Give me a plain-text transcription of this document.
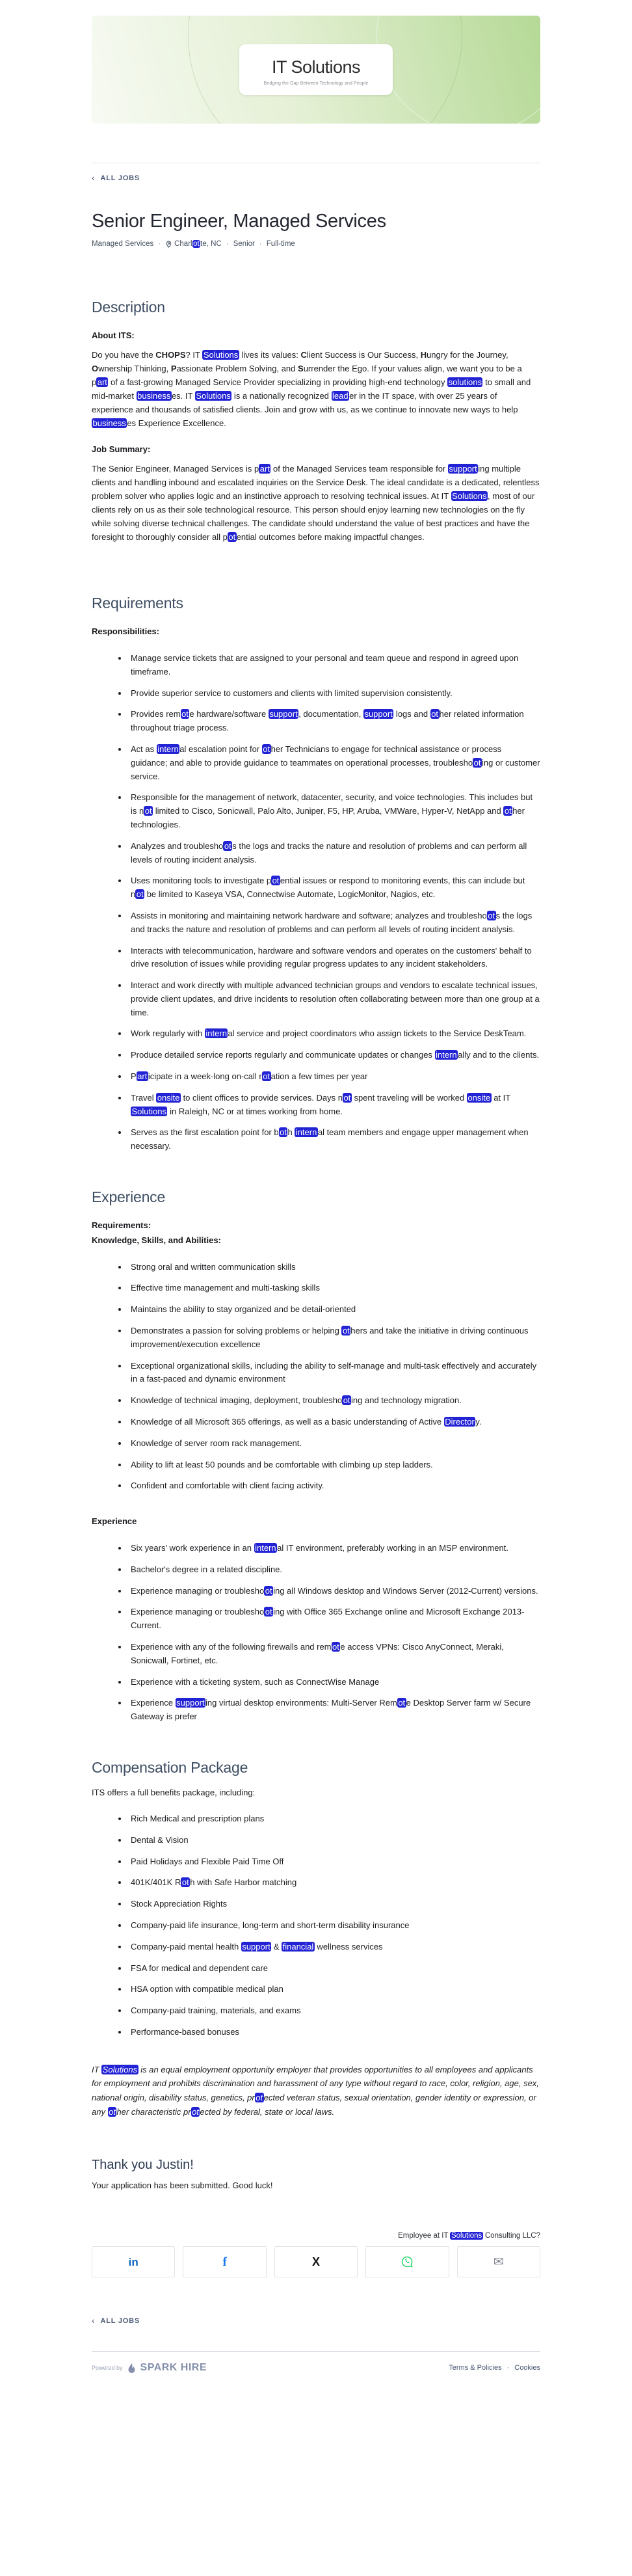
IT Solutions
Bridging the Gap Between Technology and People
‹ ALL JOBS
Senior Engineer, Managed Services
Managed Services · Charl ot te, NC · Senior · Full-time
Description

About ITS:

Do you have the CHOPS? IT Solutions lives its values: Client Success is Our Success, Hungry for the Journey, Ownership Thinking, Passionate Problem Solving, and Surrender the Ego. If your values align, we want you to be a p art of a fast-growing Managed Service Provider specializing in providing high-end technology solutions to small and mid-market business es. IT Solutions is a nationally recognized lead er in the IT space, with over 25 years of experience and thousands of satisfied clients. Join and grow with us, as we continue to innovate new ways to help business es Experience Excellence.

Job Summary:

The Senior Engineer, Managed Services is p art of the Managed Services team responsible for support ing multiple clients and handling inbound and escalated inquiries on the Service Desk. The ideal candidate is a dedicated, relentless problem solver who applies logic and an instinctive approach to resolving technical issues. At IT Solutions , most of our clients rely on us as their sole technological resource. This person should enjoy learning new technologies on the fly while solving diverse technical challenges. The candidate should understand the value of best practices and have the foresight to thoroughly consider all p ot ential outcomes before making impactful changes.

Requirements

Responsibilities:

• Manage service tickets that are assigned to your personal and team queue and respond in agreed upon timeframe.
• Provide superior service to customers and clients with limited supervision consistently.
• Provides rem ot e hardware/software support , documentation, support logs and ot her related information throughout triage process.
• Act as intern al escalation point for ot her Technicians to engage for technical assistance or process guidance; and able to provide guidance to teammates on operational processes, troublesho ot ing or customer service.
• Responsible for the management of network, datacenter, security, and voice technologies. This includes but is n ot limited to Cisco, Sonicwall, Palo Alto, Juniper, F5, HP, Aruba, VMWare, Hyper-V, NetApp and ot her technologies.
• Analyzes and troublesho ot s the logs and tracks the nature and resolution of problems and can perform all levels of routing incident analysis.
• Uses monitoring tools to investigate p ot ential issues or respond to monitoring events, this can include but n ot be limited to Kaseya VSA, Connectwise Automate, LogicMonitor, Nagios, etc.
• Assists in monitoring and maintaining network hardware and software; analyzes and troublesho ot s the logs and tracks the nature and resolution of problems and can perform all levels of routing incident analysis.
• Interacts with telecommunication, hardware and software vendors and operates on the customers' behalf to drive resolution of issues while providing regular progress updates to any incident stakeholders.
• Interact and work directly with multiple advanced technician groups and vendors to escalate technical issues, provide client updates, and drive incidents to resolution often collaborating between more than one group at a time.
• Work regularly with intern al service and project coordinators who assign tickets to the Service DeskTeam.
• Produce detailed service reports regularly and communicate updates or changes intern ally and to the clients.
• P art icipate in a week-long on-call r ot ation a few times per year
• Travel onsite to client offices to provide services. Days n ot spent traveling will be worked onsite at IT Solutions in Raleigh, NC or at times working from home.
• Serves as the first escalation point for b ot h intern al team members and engage upper management when necessary.
Experience

Requirements:

Knowledge, Skills, and Abilities:

• Strong oral and written communication skills
• Effective time management and multi-tasking skills
• Maintains the ability to stay organized and be detail-oriented
• Demonstrates a passion for solving problems or helping ot hers and take the initiative in driving continuous improvement/execution excellence
• Exceptional organizational skills, including the ability to self-manage and multi-task effectively and accurately in a fast-paced and dynamic environment
• Knowledge of technical imaging, deployment, troublesho ot ing and technology migration.
• Knowledge of all Microsoft 365 offerings, as well as a basic understanding of Active Director y.
• Knowledge of server room rack management.
• Ability to lift at least 50 pounds and be comfortable with climbing up step ladders.
• Confident and comfortable with client facing activity.

Experience

• Six years' work experience in an intern al IT environment, preferably working in an MSP environment.
• Bachelor's degree in a related discipline.
• Experience managing or troublesho ot ing all Windows desktop and Windows Server (2012-Current) versions.
• Experience managing or troublesho ot ing with Office 365 Exchange online and Microsoft Exchange 2013-Current.
• Experience with any of the following firewalls and rem ot e access VPNs: Cisco AnyConnect, Meraki, Sonicwall, Fortinet, etc.
• Experience with a ticketing system, such as ConnectWise Manage
• Experience support ing virtual desktop environments: Multi-Server Rem ot e Desktop Server farm w/ Secure Gateway is prefer
Compensation Package

ITS offers a full benefits package, including:

• Rich Medical and prescription plans
• Dental & Vision
• Paid Holidays and Flexible Paid Time Off
• 401K/401K R ot h with Safe Harbor matching
• Stock Appreciation Rights
• Company-paid life insurance, long-term and short-term disability insurance
• Company-paid mental health support & financial wellness services
• FSA for medical and dependent care
• HSA option with compatible medical plan
• Company-paid training, materials, and exams
• Performance-based bonuses

IT Solutions is an equal employment opportunity employer that provides opportunities to all employees and applicants for employment and prohibits discrimination and harassment of any type without regard to race, color, religion, age, sex, national origin, disability status, genetics, pr ot ected veteran status, sexual orientation, gender identity or expression, or any ot her characteristic pr ot ected by federal, state or local laws.

Thank you Justin!

Your application has been submitted. Good luck!

Employee at IT Solutions Consulting LLC?
in	f	X	✉
‹ ALL JOBS
Powered by SPARK HIRE	Terms & Policies · Cookies
